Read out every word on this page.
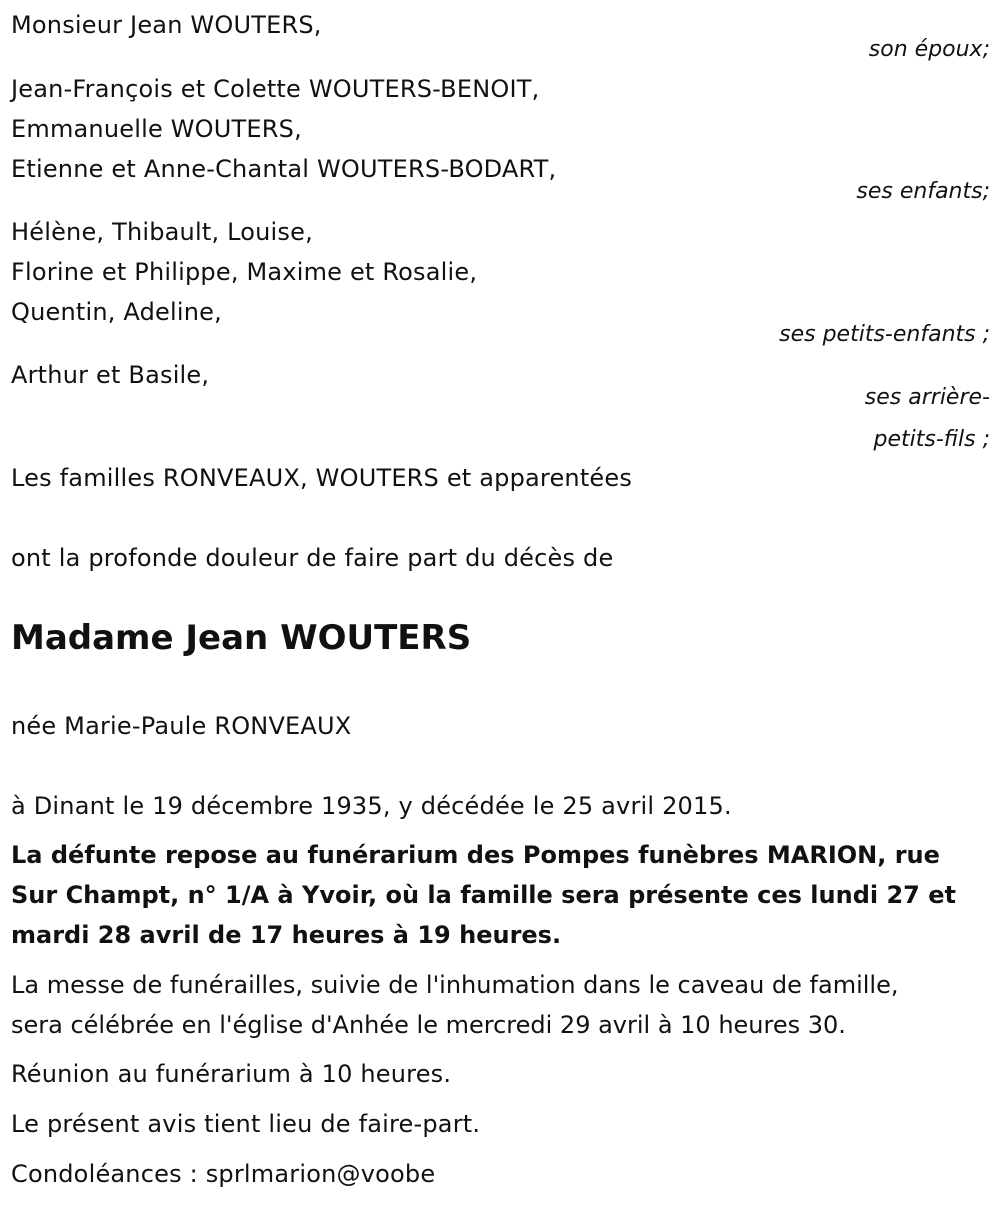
Monsieur Jean WOUTERS,
son époux;
Jean-François et Colette WOUTERS-BENOIT,
Emmanuelle WOUTERS,
Etienne et Anne-Chantal WOUTERS-BODART,
ses enfants;
Hélène, Thibault, Louise,
Florine et Philippe, Maxime et Rosalie,
Quentin, Adeline,
ses petits-enfants ;
Arthur et Basile,
ses arrière-
petits-fils ;
Les familles RONVEAUX, WOUTERS et apparentées
ont la profonde douleur de faire part du décès de
Madame Jean WOUTERS
née Marie-Paule RONVEAUX
à Dinant le 19 décembre 1935, y décédée le 25 avril 2015.
La défunte repose au funérarium des Pompes funèbres MARION, rue
Sur Champt, n° 1/A à Yvoir, où la famille sera présente ces lundi 27 et
mardi 28 avril de 17 heures à 19 heures.
La messe de funérailles, suivie de l'inhumation dans le caveau de famille,
sera célébrée en l'église d'Anhée le mercredi 29 avril à 10 heures 30.
Réunion au funérarium à 10 heures.
Le présent avis tient lieu de faire-part.
Condoléances : sprlmarion@voobe
